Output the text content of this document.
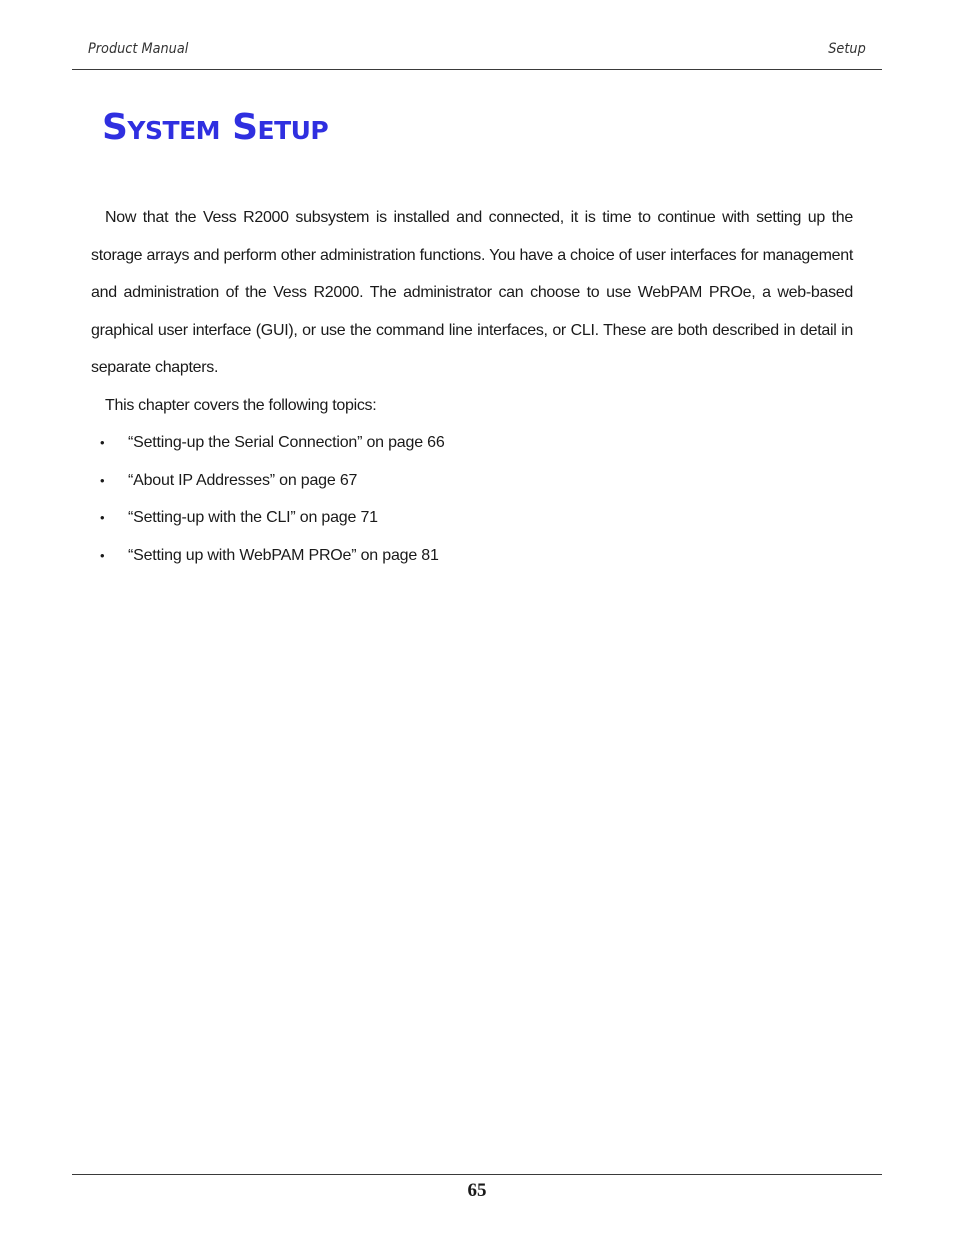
Product Manual	Setup
System Setup

Now that the Vess R2000 subsystem is installed and connected, it is time to continue with setting up the storage arrays and perform other administration functions. You have a choice of user interfaces for management and administration of the Vess R2000. The administrator can choose to use WebPAM PROe, a web-based graphical user interface (GUI), or use the command line interfaces, or CLI. These are both described in detail in separate chapters.

This chapter covers the following topics:

• “Setting-up the Serial Connection” on page 66
• “About IP Addresses” on page 67
• “Setting-up with the CLI” on page 71
• “Setting up with WebPAM PROe” on page 81
65
